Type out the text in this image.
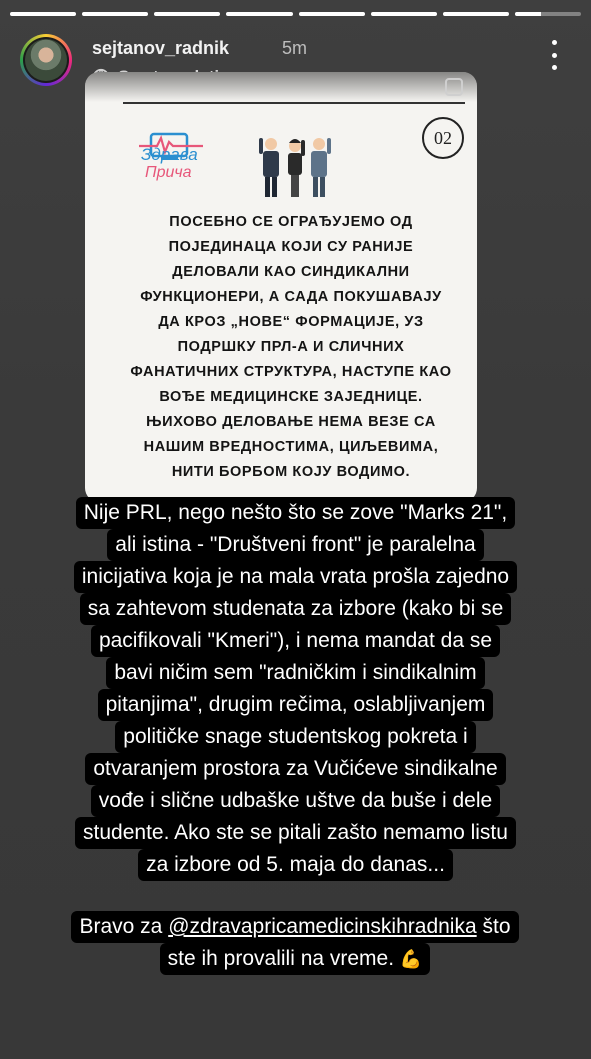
sejtanov_radnik	5m
Здрава
Прича
02
ПОСЕБНО СЕ ОГРАЂУЈЕМО ОД
ПОЈЕДИНАЦА КОЈИ СУ РАНИЈЕ
ДЕЛОВАЛИ КАО СИНДИКАЛНИ
ФУНКЦИОНЕРИ, А САДА ПОКУШАВАЈУ
ДА КРОЗ „НОВЕ“ ФОРМАЦИЈЕ, УЗ
ПОДРШКУ ПРЛ-А И СЛИЧНИХ
ФАНАТИЧНИХ СТРУКТУРА, НАСТУПЕ КАО
ВОЂЕ МЕДИЦИНСКЕ ЗАЈЕДНИЦЕ.
ЊИХОВО ДЕЛОВАЊЕ НЕМА ВЕЗЕ СА
НАШИМ ВРЕДНОСТИМА, ЦИЉЕВИМА,
НИТИ БОРБОМ КОЈУ ВОДИМО.
Nije PRL, nego nešto što se zove "Marks 21",
ali istina - "Društveni front" je paralelna
inicijativa koja je na mala vrata prošla zajedno
sa zahtevom studenata za izbore (kako bi se
pacifikovali "Kmeri"), i nema mandat da se
bavi ničim sem "radničkim i sindikalnim
pitanjima", drugim rečima, oslabljivanjem
političke snage studentskog pokreta i
otvaranjem prostora za Vučićeve sindikalne
vođe i slične udbaške uštve da buše i dele
studente. Ako ste se pitali zašto nemamo listu
za izbore od 5. maja do danas...

Bravo za @zdravapricamedicinskihradnika što
ste ih provalili na vreme. 💪
